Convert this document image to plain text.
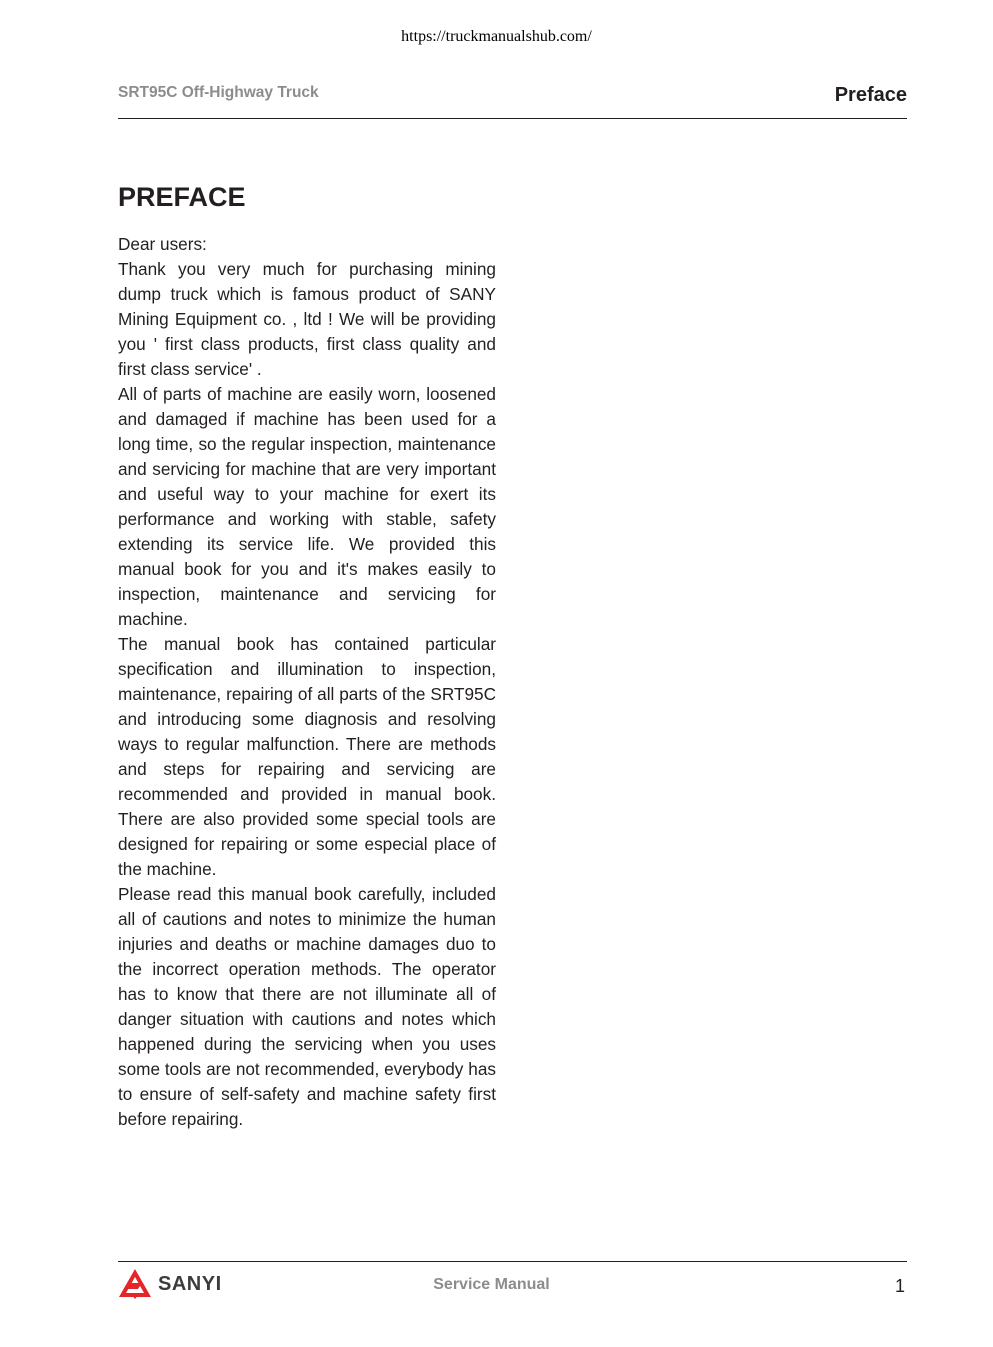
https://truckmanualshub.com/
SRT95C Off-Highway Truck	Preface
PREFACE

Dear users:

Thank you very much for purchasing mining dump truck which is famous product of SANY Mining Equipment co. , ltd ! We will be providing you ' first class products, first class quality and first class service' .

All of parts of machine are easily worn, loosened and damaged if machine has been used for a long time, so the regular inspection, maintenance and servicing for machine that are very important and useful way to your machine for exert its performance and working with stable, safety extending its service life. We provided this manual book for you and it's makes easily to inspection, maintenance and servicing for machine.

The manual book has contained particular specification and illumination to inspection, maintenance, repairing of all parts of the SRT95C and introducing some diagnosis and resolving ways to regular malfunction. There are methods and steps for repairing and servicing are recommended and provided in manual book. There are also provided some special tools are designed for repairing or some especial place of the machine.

Please read this manual book carefully, included all of cautions and notes to minimize the human injuries and deaths or machine damages duo to the incorrect operation methods. The operator has to know that there are not illuminate all of danger situation with cautions and notes which happened during the servicing when you uses some tools are not recommended, everybody has to ensure of self-safety and machine safety first before repairing.

SANYI	Service Manual	1
